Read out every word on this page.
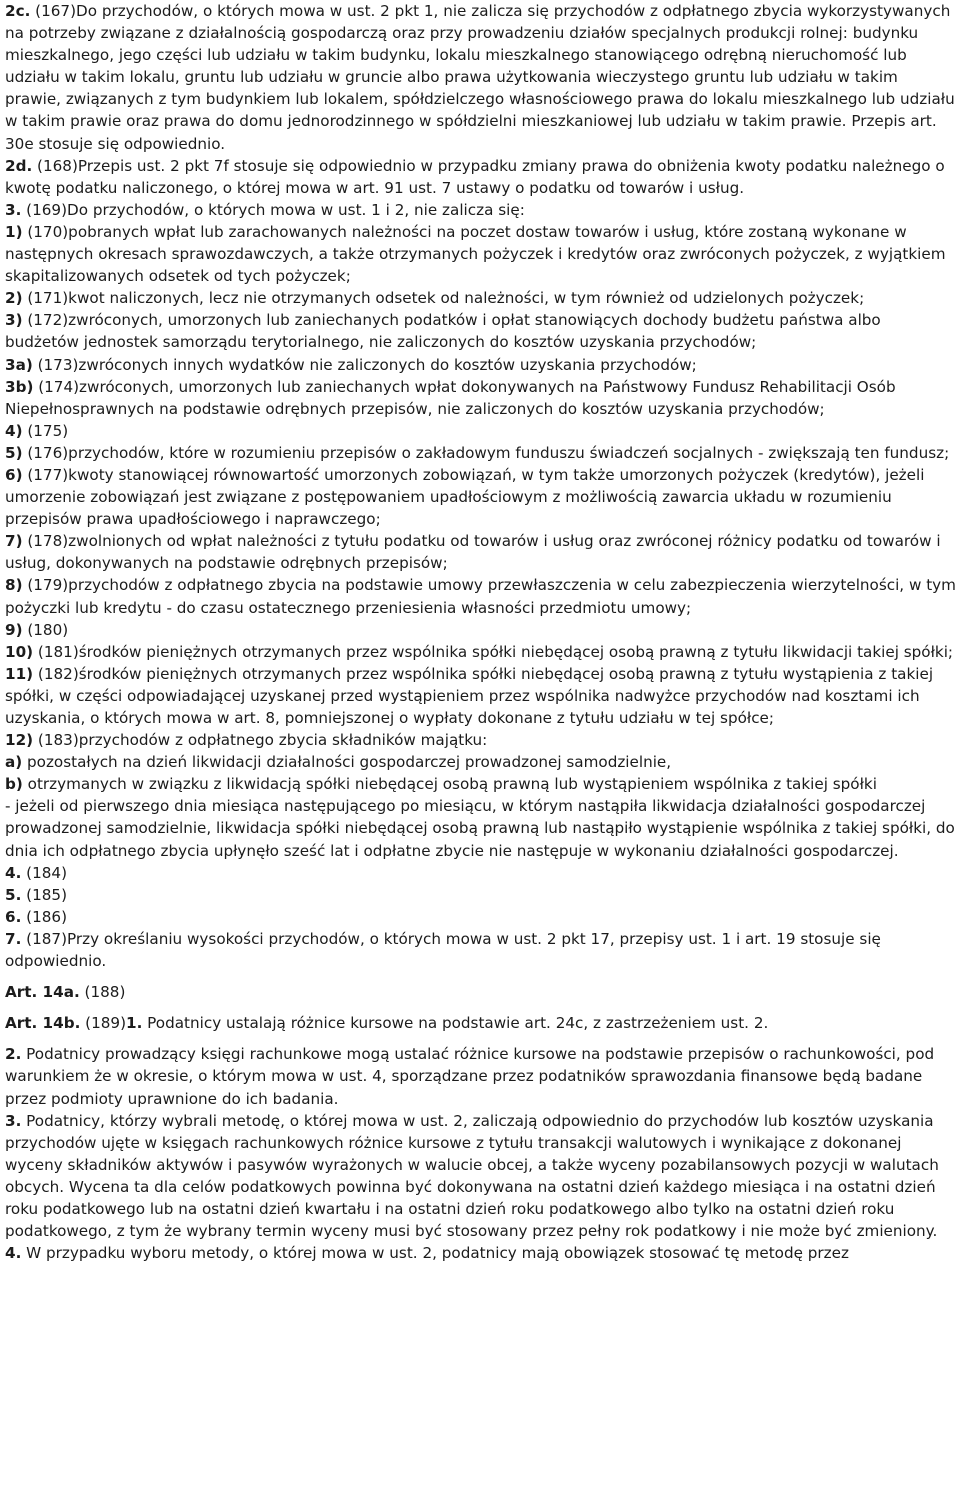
2c. (167)Do przychodów, o których mowa w ust. 2 pkt 1, nie zalicza się przychodów z odpłatnego zbycia wykorzystywanych na potrzeby związane z działalnością gospodarczą oraz przy prowadzeniu działów specjalnych produkcji rolnej: budynku mieszkalnego, jego części lub udziału w takim budynku, lokalu mieszkalnego stanowiącego odrębną nieruchomość lub udziału w takim lokalu, gruntu lub udziału w gruncie albo prawa użytkowania wieczystego gruntu lub udziału w takim prawie, związanych z tym budynkiem lub lokalem, spółdzielczego własnościowego prawa do lokalu mieszkalnego lub udziału w takim prawie oraz prawa do domu jednorodzinnego w spółdzielni mieszkaniowej lub udziału w takim prawie. Przepis art. 30e stosuje się odpowiednio.

2d. (168)Przepis ust. 2 pkt 7f stosuje się odpowiednio w przypadku zmiany prawa do obniżenia kwoty podatku należnego o kwotę podatku naliczonego, o której mowa w art. 91 ust. 7 ustawy o podatku od towarów i usług.

3. (169)Do przychodów, o których mowa w ust. 1 i 2, nie zalicza się:

1) (170)pobranych wpłat lub zarachowanych należności na poczet dostaw towarów i usług, które zostaną wykonane w następnych okresach sprawozdawczych, a także otrzymanych pożyczek i kredytów oraz zwróconych pożyczek, z wyjątkiem skapitalizowanych odsetek od tych pożyczek;

2) (171)kwot naliczonych, lecz nie otrzymanych odsetek od należności, w tym również od udzielonych pożyczek;

3) (172)zwróconych, umorzonych lub zaniechanych podatków i opłat stanowiących dochody budżetu państwa albo budżetów jednostek samorządu terytorialnego, nie zaliczonych do kosztów uzyskania przychodów;

3a) (173)zwróconych innych wydatków nie zaliczonych do kosztów uzyskania przychodów;

3b) (174)zwróconych, umorzonych lub zaniechanych wpłat dokonywanych na Państwowy Fundusz Rehabilitacji Osób Niepełnosprawnych na podstawie odrębnych przepisów, nie zaliczonych do kosztów uzyskania przychodów;

4) (175)

5) (176)przychodów, które w rozumieniu przepisów o zakładowym funduszu świadczeń socjalnych - zwiększają ten fundusz;

6) (177)kwoty stanowiącej równowartość umorzonych zobowiązań, w tym także umorzonych pożyczek (kredytów), jeżeli umorzenie zobowiązań jest związane z postępowaniem upadłościowym z możliwością zawarcia układu w rozumieniu przepisów prawa upadłościowego i naprawczego;

7) (178)zwolnionych od wpłat należności z tytułu podatku od towarów i usług oraz zwróconej różnicy podatku od towarów i usług, dokonywanych na podstawie odrębnych przepisów;

8) (179)przychodów z odpłatnego zbycia na podstawie umowy przewłaszczenia w celu zabezpieczenia wierzytelności, w tym pożyczki lub kredytu - do czasu ostatecznego przeniesienia własności przedmiotu umowy;

9) (180)

10) (181)środków pieniężnych otrzymanych przez wspólnika spółki niebędącej osobą prawną z tytułu likwidacji takiej spółki;

11) (182)środków pieniężnych otrzymanych przez wspólnika spółki niebędącej osobą prawną z tytułu wystąpienia z takiej spółki, w części odpowiadającej uzyskanej przed wystąpieniem przez wspólnika nadwyżce przychodów nad kosztami ich uzyskania, o których mowa w art. 8, pomniejszonej o wypłaty dokonane z tytułu udziału w tej spółce;

12) (183)przychodów z odpłatnego zbycia składników majątku:

a) pozostałych na dzień likwidacji działalności gospodarczej prowadzonej samodzielnie,

b) otrzymanych w związku z likwidacją spółki niebędącej osobą prawną lub wystąpieniem wspólnika z takiej spółki

- jeżeli od pierwszego dnia miesiąca następującego po miesiącu, w którym nastąpiła likwidacja działalności gospodarczej prowadzonej samodzielnie, likwidacja spółki niebędącej osobą prawną lub nastąpiło wystąpienie wspólnika z takiej spółki, do dnia ich odpłatnego zbycia upłynęło sześć lat i odpłatne zbycie nie następuje w wykonaniu działalności gospodarczej.

4. (184)

5. (185)

6. (186)

7. (187)Przy określaniu wysokości przychodów, o których mowa w ust. 2 pkt 17, przepisy ust. 1 i art. 19 stosuje się odpowiednio.

Art. 14a. (188)

Art. 14b. (189)1. Podatnicy ustalają różnice kursowe na podstawie art. 24c, z zastrzeżeniem ust. 2.

2. Podatnicy prowadzący księgi rachunkowe mogą ustalać różnice kursowe na podstawie przepisów o rachunkowości, pod warunkiem że w okresie, o którym mowa w ust. 4, sporządzane przez podatników sprawozdania finansowe będą badane przez podmioty uprawnione do ich badania.

3. Podatnicy, którzy wybrali metodę, o której mowa w ust. 2, zaliczają odpowiednio do przychodów lub kosztów uzyskania przychodów ujęte w księgach rachunkowych różnice kursowe z tytułu transakcji walutowych i wynikające z dokonanej wyceny składników aktywów i pasywów wyrażonych w walucie obcej, a także wyceny pozabilansowych pozycji w walutach obcych. Wycena ta dla celów podatkowych powinna być dokonywana na ostatni dzień każdego miesiąca i na ostatni dzień roku podatkowego lub na ostatni dzień kwartału i na ostatni dzień roku podatkowego albo tylko na ostatni dzień roku podatkowego, z tym że wybrany termin wyceny musi być stosowany przez pełny rok podatkowy i nie może być zmieniony.

4. W przypadku wyboru metody, o której mowa w ust. 2, podatnicy mają obowiązek stosować tę metodę przez
